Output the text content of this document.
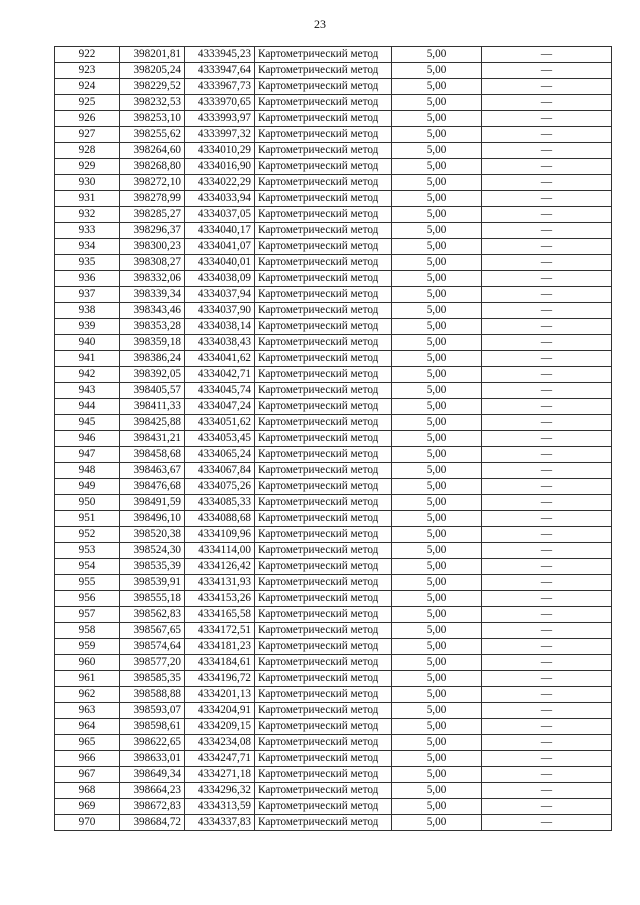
23
922	398201,81	4333945,23	Картометрический метод	5,00	—
923	398205,24	4333947,64	Картометрический метод	5,00	—
924	398229,52	4333967,73	Картометрический метод	5,00	—
925	398232,53	4333970,65	Картометрический метод	5,00	—
926	398253,10	4333993,97	Картометрический метод	5,00	—
927	398255,62	4333997,32	Картометрический метод	5,00	—
928	398264,60	4334010,29	Картометрический метод	5,00	—
929	398268,80	4334016,90	Картометрический метод	5,00	—
930	398272,10	4334022,29	Картометрический метод	5,00	—
931	398278,99	4334033,94	Картометрический метод	5,00	—
932	398285,27	4334037,05	Картометрический метод	5,00	—
933	398296,37	4334040,17	Картометрический метод	5,00	—
934	398300,23	4334041,07	Картометрический метод	5,00	—
935	398308,27	4334040,01	Картометрический метод	5,00	—
936	398332,06	4334038,09	Картометрический метод	5,00	—
937	398339,34	4334037,94	Картометрический метод	5,00	—
938	398343,46	4334037,90	Картометрический метод	5,00	—
939	398353,28	4334038,14	Картометрический метод	5,00	—
940	398359,18	4334038,43	Картометрический метод	5,00	—
941	398386,24	4334041,62	Картометрический метод	5,00	—
942	398392,05	4334042,71	Картометрический метод	5,00	—
943	398405,57	4334045,74	Картометрический метод	5,00	—
944	398411,33	4334047,24	Картометрический метод	5,00	—
945	398425,88	4334051,62	Картометрический метод	5,00	—
946	398431,21	4334053,45	Картометрический метод	5,00	—
947	398458,68	4334065,24	Картометрический метод	5,00	—
948	398463,67	4334067,84	Картометрический метод	5,00	—
949	398476,68	4334075,26	Картометрический метод	5,00	—
950	398491,59	4334085,33	Картометрический метод	5,00	—
951	398496,10	4334088,68	Картометрический метод	5,00	—
952	398520,38	4334109,96	Картометрический метод	5,00	—
953	398524,30	4334114,00	Картометрический метод	5,00	—
954	398535,39	4334126,42	Картометрический метод	5,00	—
955	398539,91	4334131,93	Картометрический метод	5,00	—
956	398555,18	4334153,26	Картометрический метод	5,00	—
957	398562,83	4334165,58	Картометрический метод	5,00	—
958	398567,65	4334172,51	Картометрический метод	5,00	—
959	398574,64	4334181,23	Картометрический метод	5,00	—
960	398577,20	4334184,61	Картометрический метод	5,00	—
961	398585,35	4334196,72	Картометрический метод	5,00	—
962	398588,88	4334201,13	Картометрический метод	5,00	—
963	398593,07	4334204,91	Картометрический метод	5,00	—
964	398598,61	4334209,15	Картометрический метод	5,00	—
965	398622,65	4334234,08	Картометрический метод	5,00	—
966	398633,01	4334247,71	Картометрический метод	5,00	—
967	398649,34	4334271,18	Картометрический метод	5,00	—
968	398664,23	4334296,32	Картометрический метод	5,00	—
969	398672,83	4334313,59	Картометрический метод	5,00	—
970	398684,72	4334337,83	Картометрический метод	5,00	—
